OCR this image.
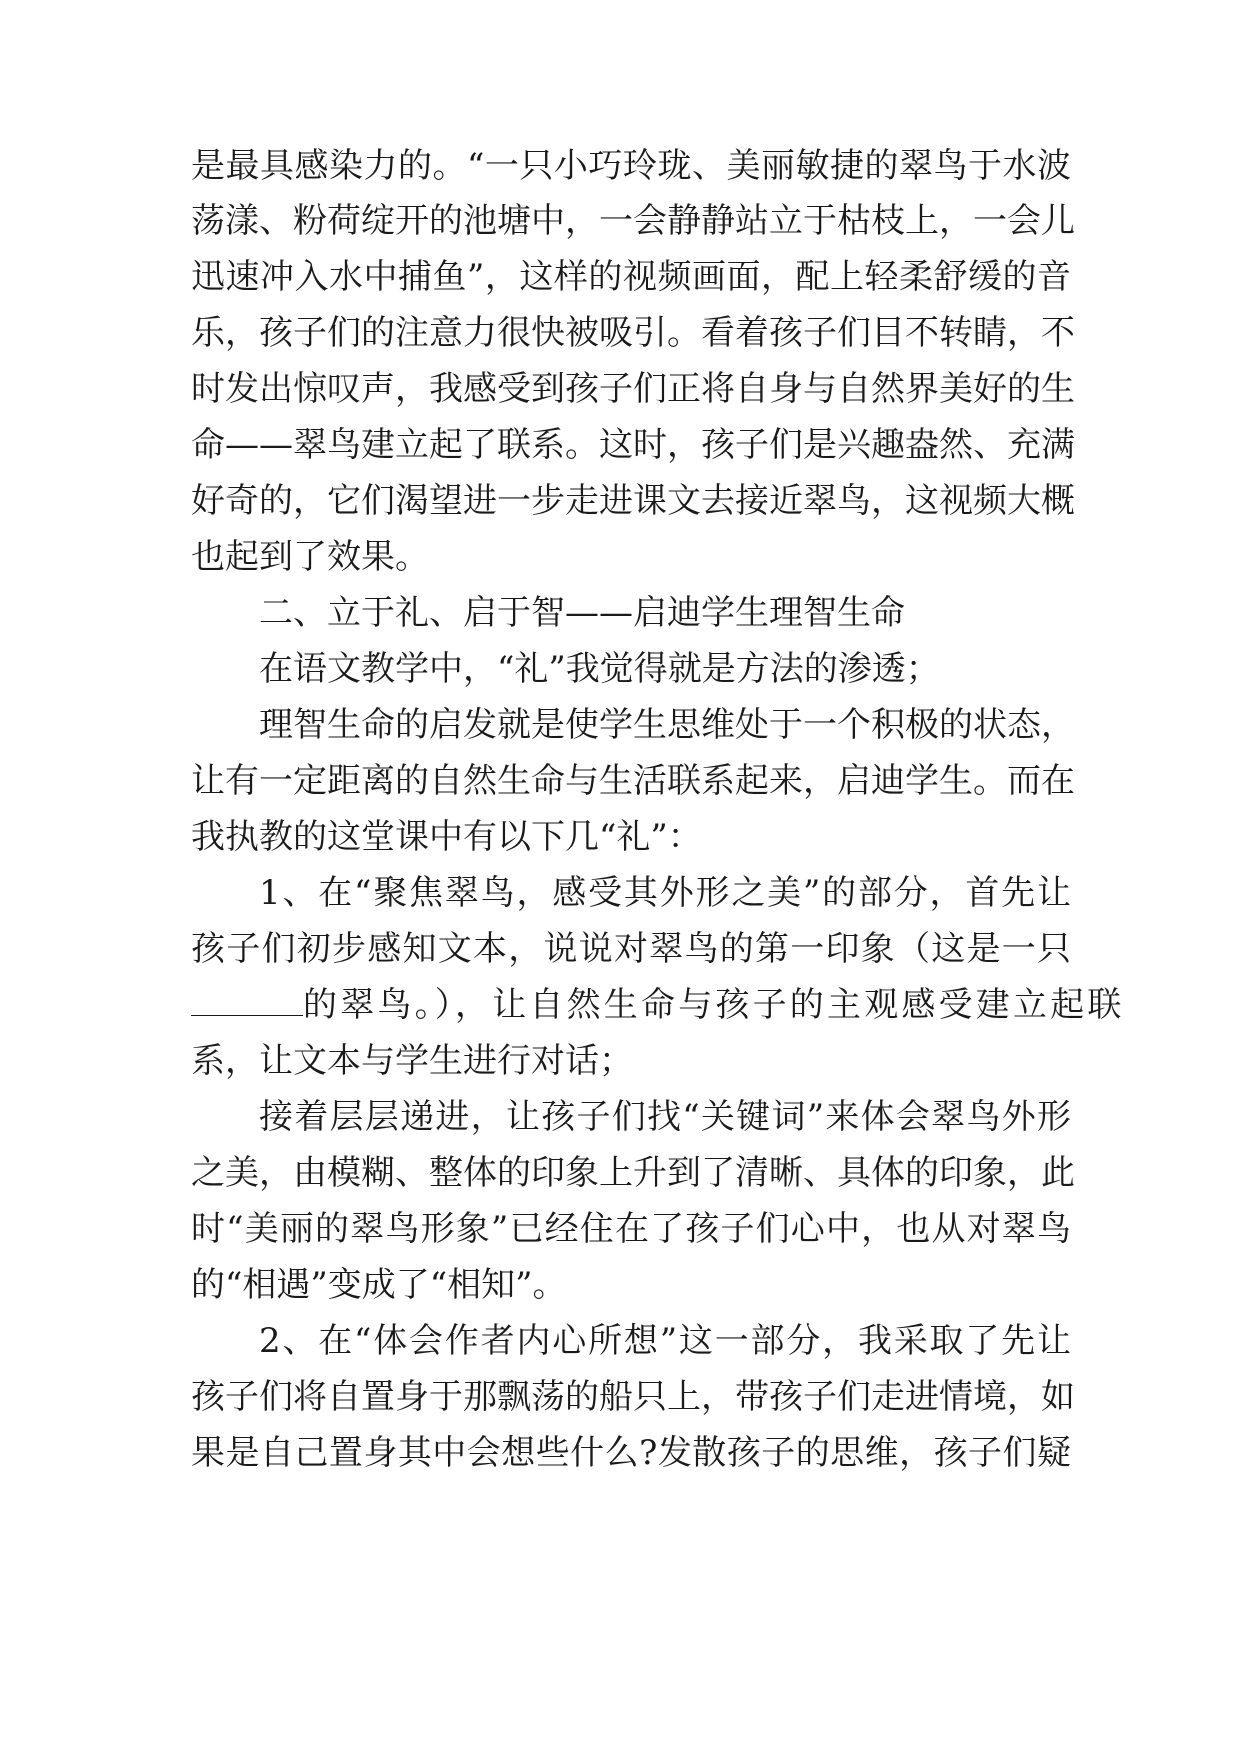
是最具感染力的。“一只小巧玲珑、美丽敏捷的翠鸟于水波
荡漾、粉荷绽开的池塘中，一会静静站立于枯枝上，一会儿
迅速冲入水中捕鱼”，这样的视频画面，配上轻柔舒缓的音
乐，孩子们的注意力很快被吸引。看着孩子们目不转睛，不
时发出惊叹声，我感受到孩子们正将自身与自然界美好的生
命——翠鸟建立起了联系。这时，孩子们是兴趣盎然、充满
好奇的，它们渴望进一步走进课文去接近翠鸟，这视频大概
也起到了效果。
二、立于礼、启于智——启迪学生理智生命
在语文教学中，“礼”我觉得就是方法的渗透；
理智生命的启发就是使学生思维处于一个积极的状态，
让有一定距离的自然生命与生活联系起来，启迪学生。而在
我执教的这堂课中有以下几“礼”：
1、在“聚焦翠鸟，感受其外形之美”的部分，首先让
孩子们初步感知文本，说说对翠鸟的第一印象（这是一只
的翠鸟。），让自然生命与孩子的主观感受建立起联
系，让文本与学生进行对话；
接着层层递进，让孩子们找“关键词”来体会翠鸟外形
之美，由模糊、整体的印象上升到了清晰、具体的印象，此
时“美丽的翠鸟形象”已经住在了孩子们心中，也从对翠鸟
的“相遇”变成了“相知”。
2、在“体会作者内心所想”这一部分，我采取了先让
孩子们将自置身于那飘荡的船只上，带孩子们走进情境，如
果是自己置身其中会想些什么?发散孩子的思维，孩子们疑
